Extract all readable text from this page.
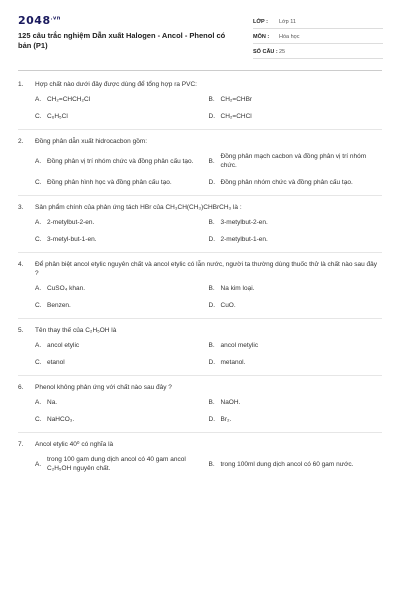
$2048^{.vn}$
125 câu trắc nghiệm Dẫn xuất Halogen - Ancol - Phenol có bản (P1)
LỚP :	Lớp 11
MÔN :	Hóa học
SỐ CÂU : 25
1.	Hợp chất nào dưới đây được dùng để tổng hợp ra PVC:
A. CH₂=CHCH₂Cl	B. CH₂=CHBr
C. C₆H₅Cl	D. CH₂=CHCl
2.	Đồng phân dẫn xuất hidrocacbon gồm:
A. Đồng phân vị trí nhóm chức và đồng phân cấu tạo.	B.
Đồng phân mạch cacbon và đồng phân vị trí nhóm chức.
C. Đồng phân hình học và đồng phân cấu tạo.	D. Đồng phân nhóm chức và đồng phân cấu tạo.
3.	Sản phẩm chính của phản ứng tách HBr của CH₃CH(CH₃)CHBrCH₃ là :
A. 2-metylbut-2-en.	B. 3-metylbut-2-en.
C. 3-metyl-but-1-en.	D. 2-metylbut-1-en.
4.	Để phân biệt ancol etylic nguyên chất và ancol etylic có lẫn nước, người ta thường dùng thuốc thử là chất nào sau đây ?
A. CuSO₄ khan.	B. Na kim loại.
C. Benzen.	D. CuO.
5.	Tên thay thế của C₂H₅OH là
A. ancol etylic	B. ancol metylic
C. etanol	D. metanol.
6.	Phenol không phản ứng với chất nào sau đây ?
A. Na.	B. NaOH.
C. NaHCO₃.	D. Br₂.
7.	Ancol etylic 40⁰ có nghĩa là
A.
trong 100 gam dung dịch ancol có 40 gam ancol C₂H₅OH nguyên chất.
B. trong 100ml dung dịch ancol có 60 gam nước.
